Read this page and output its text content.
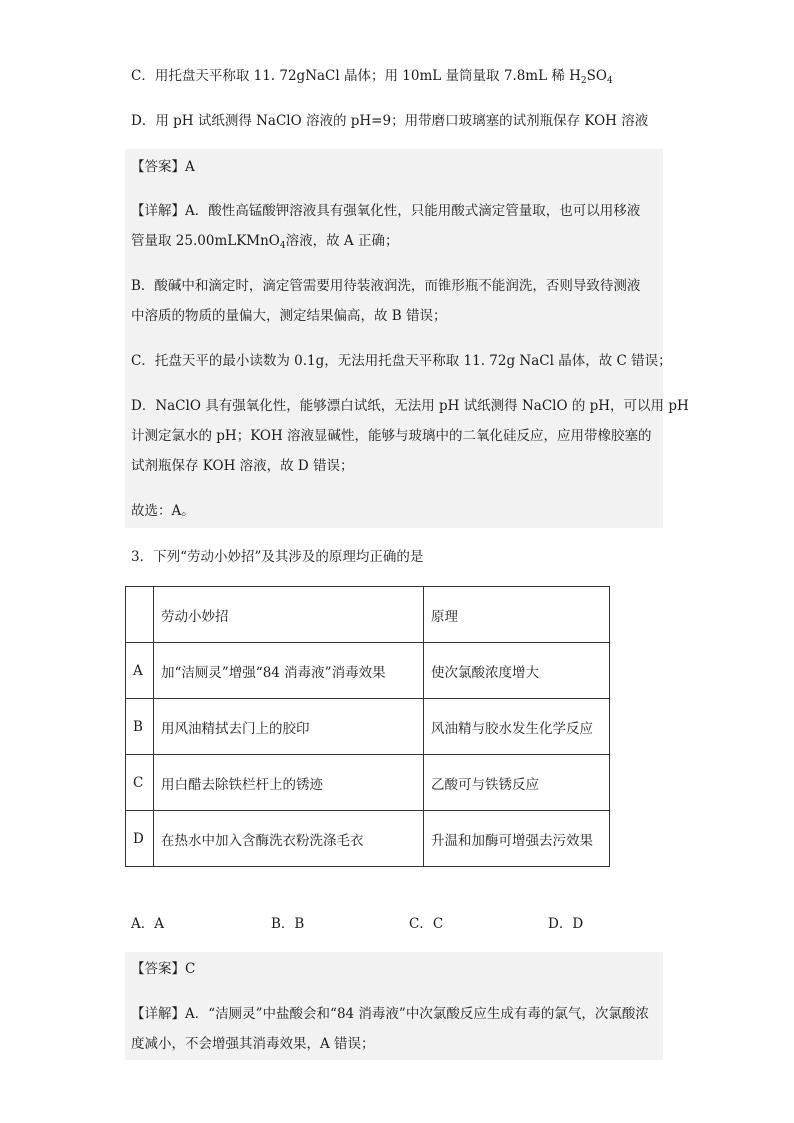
C．用托盘天平称取 11. 72gNaCl 晶体；用 10mL 量筒量取 7.8mL 稀 $H_2SO_4$
D．用 pH 试纸测得 NaClO 溶液的 pH=9；用带磨口玻璃塞的试剂瓶保存 KOH 溶液
【答案】A
【详解】A．酸性高锰酸钾溶液具有强氧化性，只能用酸式滴定管量取，也可以用移液
管量取 25.00mLKMnO$_4$溶液，故 A 正确；
B．酸碱中和滴定时，滴定管需要用待装液润洗，而锥形瓶不能润洗，否则导致待测液
中溶质的物质的量偏大，测定结果偏高，故 B 错误；
C．托盘天平的最小读数为 0.1g，无法用托盘天平称取 11. 72g NaCl 晶体，故 C 错误；
D．NaClO 具有强氧化性，能够漂白试纸，无法用 pH 试纸测得 NaClO 的 pH，可以用 pH
计测定氯水的 pH；KOH 溶液显碱性，能够与玻璃中的二氧化硅反应，应用带橡胶塞的
试剂瓶保存 KOH 溶液，故 D 错误；
故选：A。
3．下列“劳动小妙招”及其涉及的原理均正确的是
	劳动小妙招	原理
A	加“洁厕灵”增强“84 消毒液”消毒效果	使次氯酸浓度增大
B	用风油精拭去门上的胶印	风油精与胶水发生化学反应
C	用白醋去除铁栏杆上的锈迹	乙酸可与铁锈反应
D	在热水中加入含酶洗衣粉洗涤毛衣	升温和加酶可增强去污效果
A．A	B．B	C．C	D．D
【答案】C
【详解】A．“洁厕灵”中盐酸会和“84 消毒液”中次氯酸反应生成有毒的氯气，次氯酸浓
度减小，不会增强其消毒效果，A 错误；
